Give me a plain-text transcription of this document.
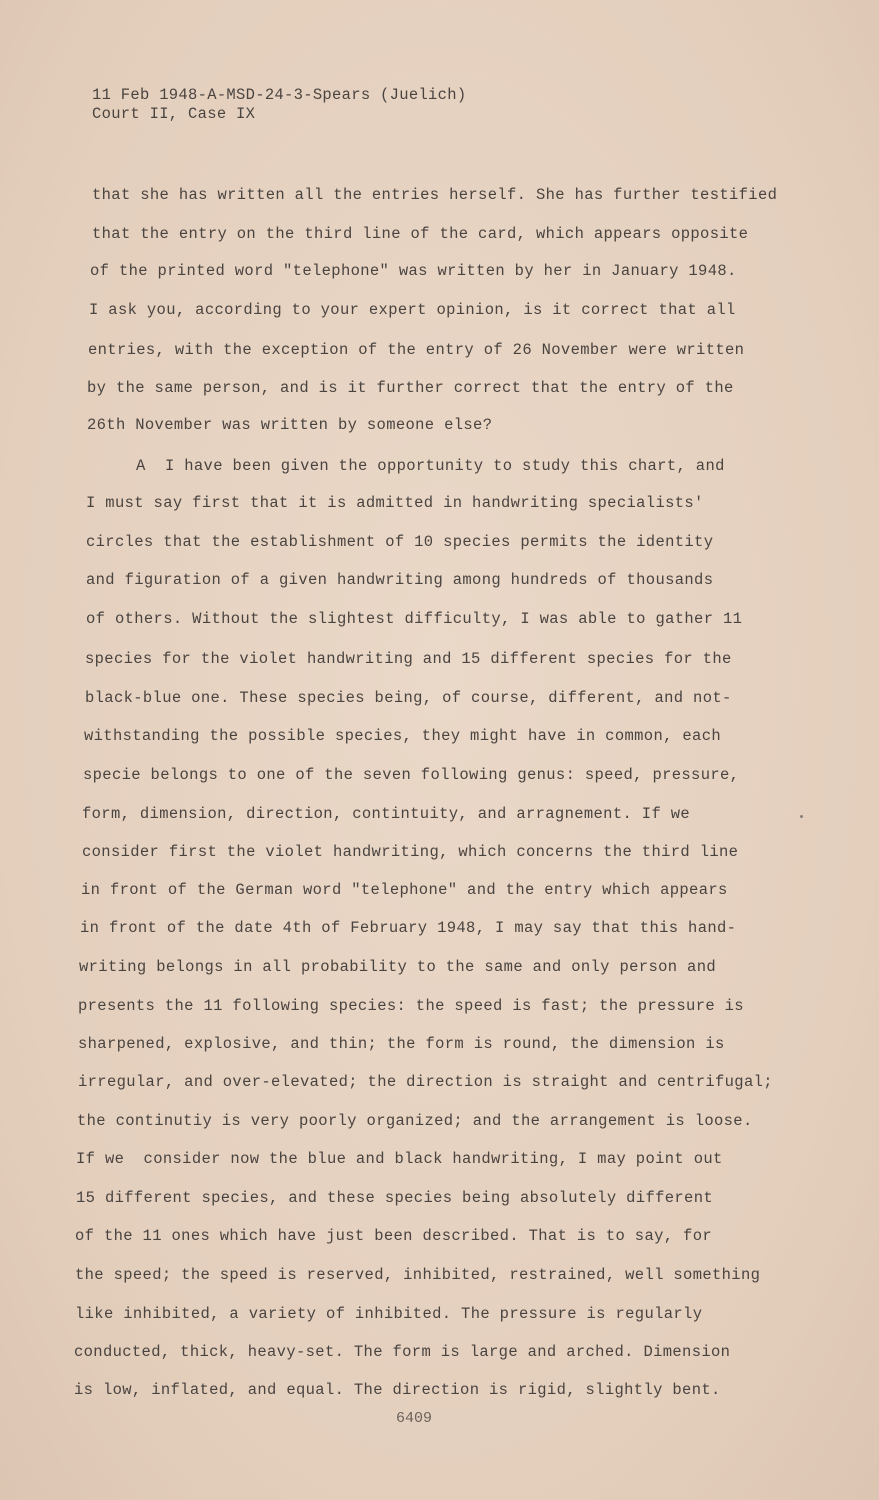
11 Feb 1948-A-MSD-24-3-Spears (Juelich)
Court II, Case IX
that she has written all the entries herself. She has further testified
that the entry on the third line of the card, which appears opposite
of the printed word "telephone" was written by her in January 1948.
I ask you, according to your expert opinion, is it correct that all
entries, with the exception of the entry of 26 November were written
by the same person, and is it further correct that the entry of the
26th November was written by someone else?
A  I have been given the opportunity to study this chart, and
I must say first that it is admitted in handwriting specialists'
circles that the establishment of 10 species permits the identity
and figuration of a given handwriting among hundreds of thousands
of others. Without the slightest difficulty, I was able to gather 11
species for the violet handwriting and 15 different species for the
black-blue one. These species being, of course, different, and not-
withstanding the possible species, they might have in common, each
specie belongs to one of the seven following genus: speed, pressure,
form, dimension, direction, contintuity, and arragnement. If we
consider first the violet handwriting, which concerns the third line
in front of the German word "telephone" and the entry which appears
in front of the date 4th of February 1948, I may say that this hand-
writing belongs in all probability to the same and only person and
presents the 11 following species: the speed is fast; the pressure is
sharpened, explosive, and thin; the form is round, the dimension is
irregular, and over-elevated; the direction is straight and centrifugal;
the continutiy is very poorly organized; and the arrangement is loose.
If we  consider now the blue and black handwriting, I may point out
15 different species, and these species being absolutely different
of the 11 ones which have just been described. That is to say, for
the speed; the speed is reserved, inhibited, restrained, well something
like inhibited, a variety of inhibited. The pressure is regularly
conducted, thick, heavy-set. The form is large and arched. Dimension
is low, inflated, and equal. The direction is rigid, slightly bent.
6409
